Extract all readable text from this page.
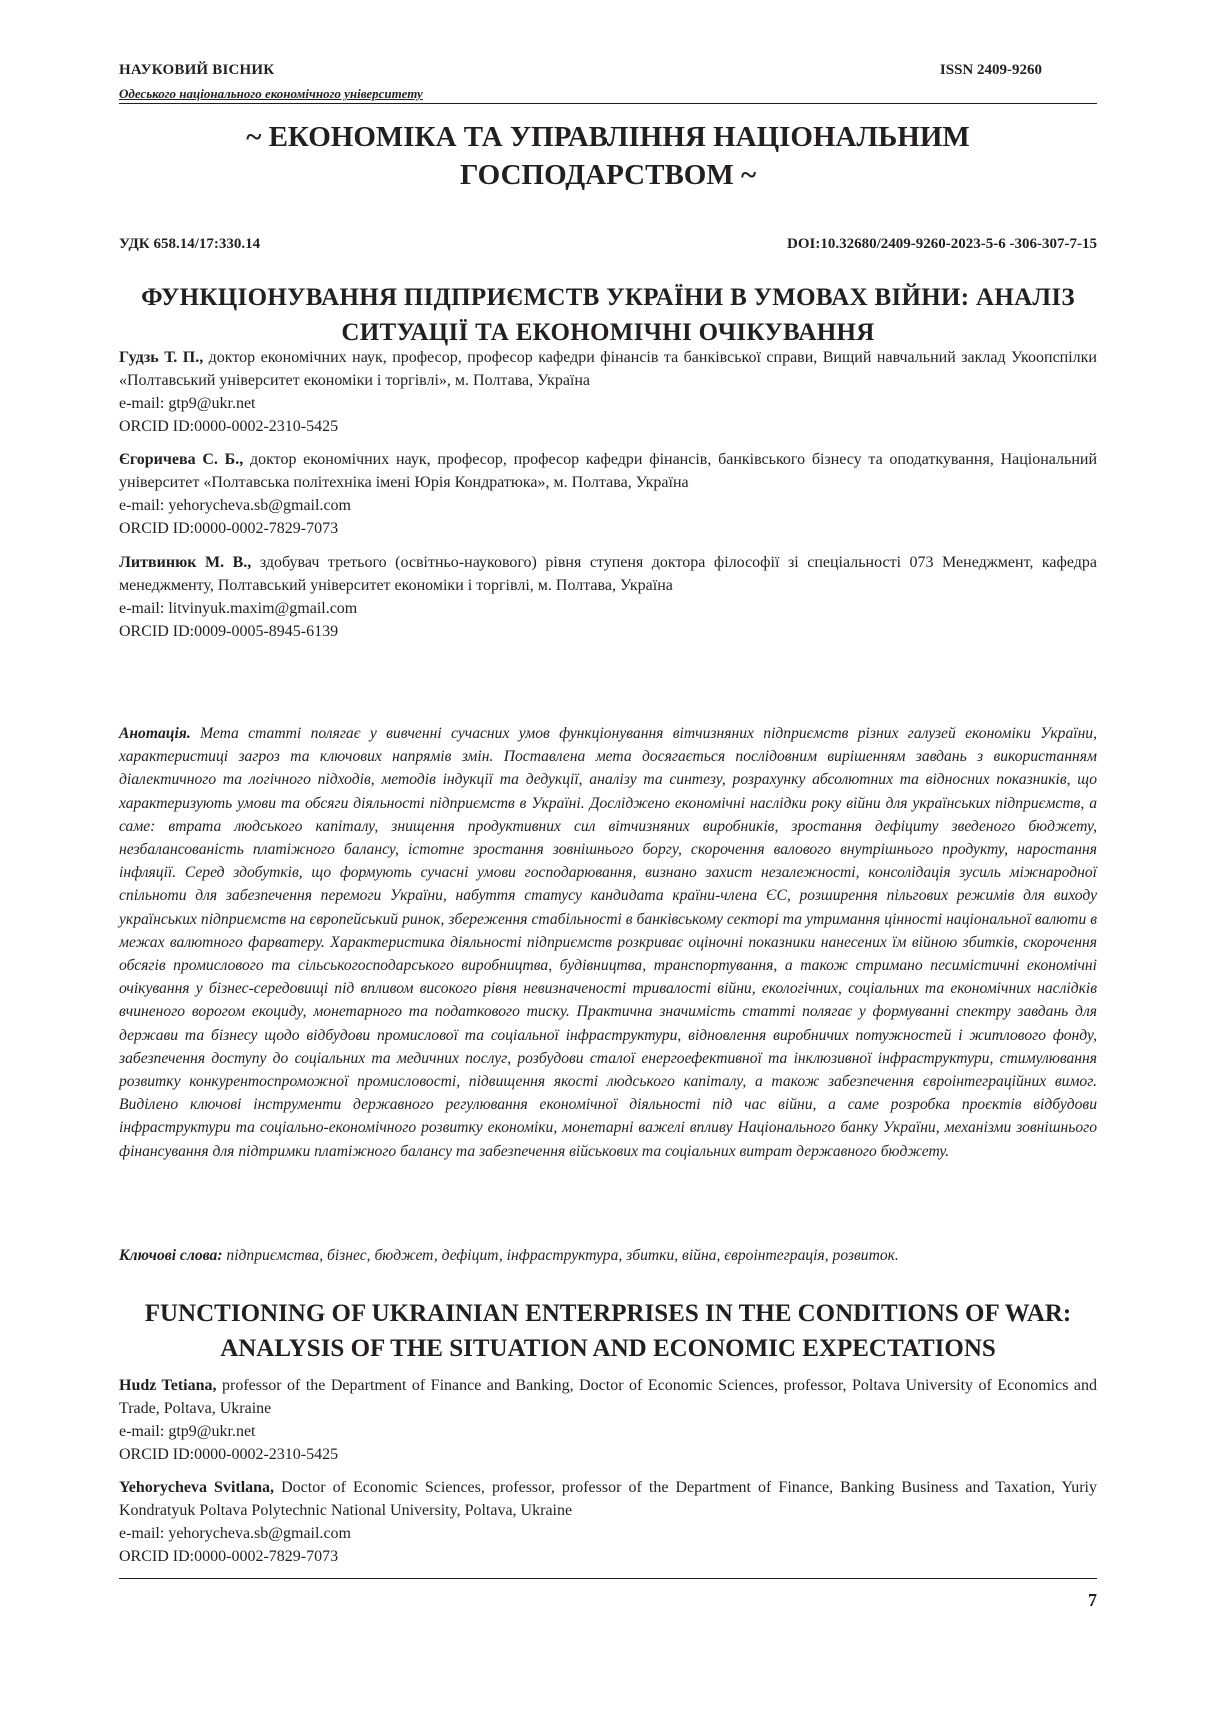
НАУКОВИЙ ВІСНИК
Одеського національного економічного університету
ISSN 2409-9260
~ ЕКОНОМІКА ТА УПРАВЛІННЯ НАЦІОНАЛЬНИМ ГОСПОДАРСТВОМ ~
УДК 658.14/17:330.14	DOI:10.32680/2409-9260-2023-5-6 -306-307-7-15
ФУНКЦІОНУВАННЯ ПІДПРИЄМСТВ УКРАЇНИ В УМОВАХ ВІЙНИ: АНАЛІЗ СИТУАЦІЇ ТА ЕКОНОМІЧНІ ОЧІКУВАННЯ

Гудзь Т. П., доктор економічних наук, професор, професор кафедри фінансів та банківської справи, Вищий навчальний заклад Укоопспілки «Полтавський університет економіки і торгівлі», м. Полтава, Україна

e-mail: gtp9@ukr.net

ORCID ID:0000-0002-2310-5425

Єгоричева С. Б., доктор економічних наук, професор, професор кафедри фінансів, банківського бізнесу та оподаткування, Національний університет «Полтавська політехніка імені Юрія Кондратюка», м. Полтава, Україна

e-mail: yehorycheva.sb@gmail.com

ORCID ID:0000-0002-7829-7073

Литвинюк М. В., здобувач третього (освітньо-наукового) рівня ступеня доктора філософії зі спеціальності 073 Менеджмент, кафедра менеджменту, Полтавський університет економіки і торгівлі, м. Полтава, Україна

e-mail: litvinyuk.maxim@gmail.com

ORCID ID:0009-0005-8945-6139

Анотація. Мета статті полягає у вивченні сучасних умов функціонування вітчизняних підприємств різних галузей економіки України, характеристиці загроз та ключових напрямів змін. Поставлена мета досягається послідовним вирішенням завдань з використанням діалектичного та логічного підходів, методів індукції та дедукції, аналізу та синтезу, розрахунку абсолютних та відносних показників, що характеризують умови та обсяги діяльності підприємств в Україні. Досліджено економічні наслідки року війни для українських підприємств, а саме: втрата людського капіталу, знищення продуктивних сил вітчизняних виробників, зростання дефіциту зведеного бюджету, незбалансованість платіжного балансу, істотне зростання зовнішнього боргу, скорочення валового внутрішнього продукту, наростання інфляції. Серед здобутків, що формують сучасні умови господарювання, визнано захист незалежності, консолідація зусиль міжнародної спільноти для забезпечення перемоги України, набуття статусу кандидата країни-члена ЄС, розширення пільгових режимів для виходу українських підприємств на європейський ринок, збереження стабільності в банківському секторі та утримання цінності національної валюти в межах валютного фарватеру. Характеристика діяльності підприємств розкриває оціночні показники нанесених їм війною збитків, скорочення обсягів промислового та сільськогосподарського виробництва, будівництва, транспортування, а також стримано песимістичні економічні очікування у бізнес-середовищі під впливом високого рівня невизначеності тривалості війни, екологічних, соціальних та економічних наслідків вчиненого ворогом екоциду, монетарного та податкового тиску. Практична значимість статті полягає у формуванні спектру завдань для держави та бізнесу щодо відбудови промислової та соціальної інфраструктури, відновлення виробничих потужностей і житлового фонду, забезпечення доступу до соціальних та медичних послуг, розбудови сталої енергоефективної та інклюзивної інфраструктури, стимулювання розвитку конкурентоспроможної промисловості, підвищення якості людського капіталу, а також забезпечення євроінтеграційних вимог. Виділено ключові інструменти державного регулювання економічної діяльності під час війни, а саме розробка проєктів відбудови інфраструктури та соціально-економічного розвитку економіки, монетарні важелі впливу Національного банку України, механізми зовнішнього фінансування для підтримки платіжного балансу та забезпечення військових та соціальних витрат державного бюджету.
Ключові слова: підприємства, бізнес, бюджет, дефіцит, інфраструктура, збитки, війна, євроінтеграція, розвиток.
FUNCTIONING OF UKRAINIAN ENTERPRISES IN THE CONDITIONS OF WAR: ANALYSIS OF THE SITUATION AND ECONOMIC EXPECTATIONS

Hudz Tetiana, professor of the Department of Finance and Banking, Doctor of Economic Sciences, professor, Poltava University of Economics and Trade, Poltava, Ukraine

e-mail: gtp9@ukr.net

ORCID ID:0000-0002-2310-5425

Yehorycheva Svitlana, Doctor of Economic Sciences, professor, professor of the Department of Finance, Banking Business and Taxation, Yuriy Kondratyuk Poltava Polytechnic National University, Poltava, Ukraine

e-mail: yehorycheva.sb@gmail.com

ORCID ID:0000-0002-7829-7073

7
